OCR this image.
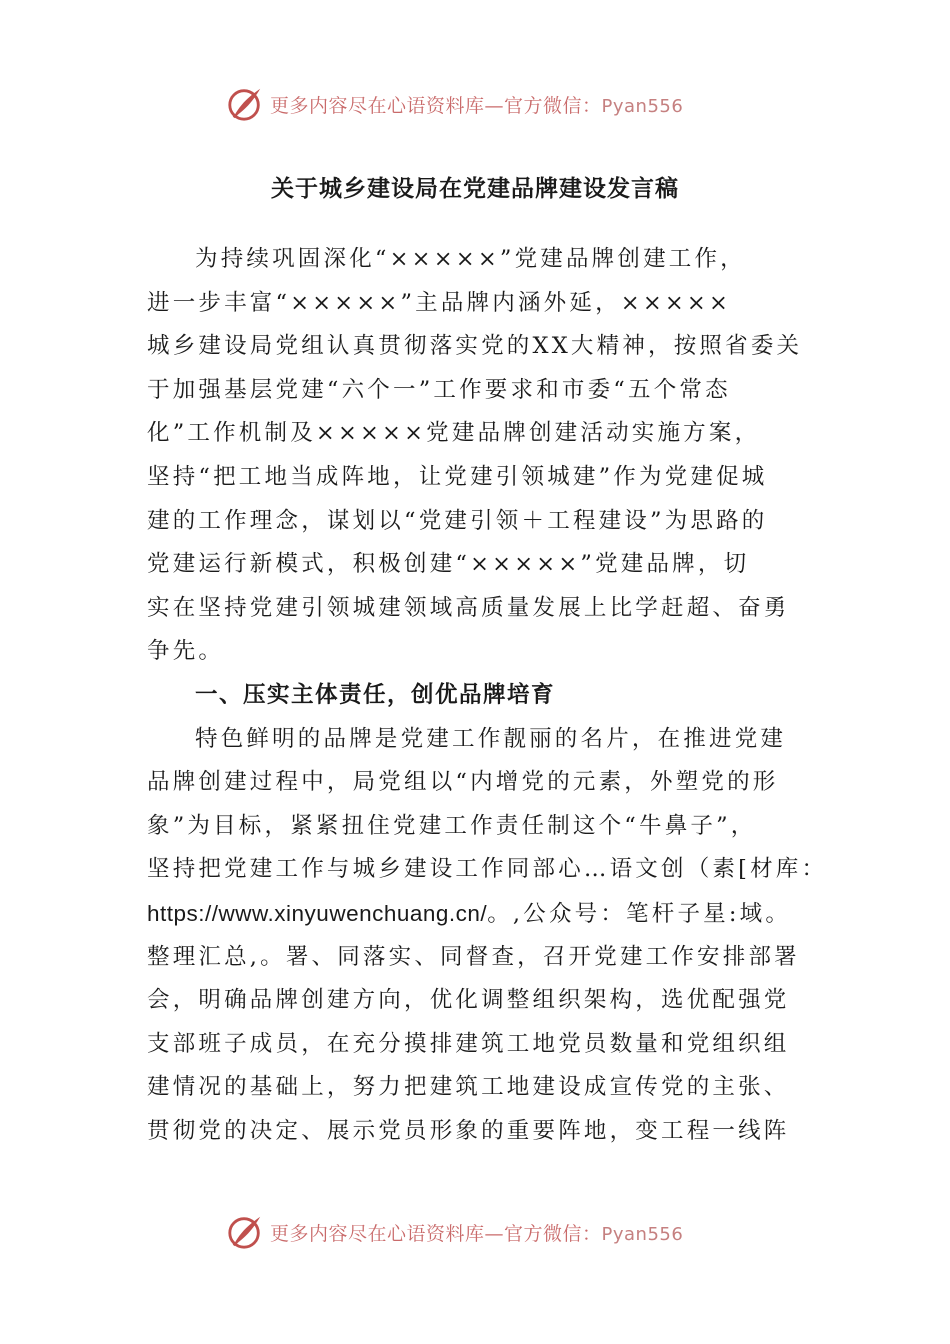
更多内容尽在心语资料库—官方微信：Pyan556
关于城乡建设局在党建品牌建设发言稿
为持续巩固深化“×××××”党建品牌创建工作，
进一步丰富“×××××”主品牌内涵外延，×××××
城乡建设局党组认真贯彻落实党的XX大精神，按照省委关
于加强基层党建“六个一”工作要求和市委“五个常态
化”工作机制及×××××党建品牌创建活动实施方案，
坚持“把工地当成阵地，让党建引领城建”作为党建促城
建的工作理念，谋划以“党建引领＋工程建设”为思路的
党建运行新模式，积极创建“×××××”党建品牌，切
实在坚持党建引领城建领域高质量发展上比学赶超、奋勇
争先。
一、压实主体责任，创优品牌培育
特色鲜明的品牌是党建工作靓丽的名片，在推进党建
品牌创建过程中，局党组以“内增党的元素，外塑党的形
象”为目标，紧紧扭住党建工作责任制这个“牛鼻子”，
坚持把党建工作与城乡建设工作同部心…语文创（素[材库：
https://www.xinyuwenchuang.cn/。,公众号：笔杆子星:域。
整理汇总,。署、同落实、同督查，召开党建工作安排部署
会，明确品牌创建方向，优化调整组织架构，选优配强党
支部班子成员，在充分摸排建筑工地党员数量和党组织组
建情况的基础上，努力把建筑工地建设成宣传党的主张、
贯彻党的决定、展示党员形象的重要阵地，变工程一线阵
更多内容尽在心语资料库—官方微信：Pyan556
